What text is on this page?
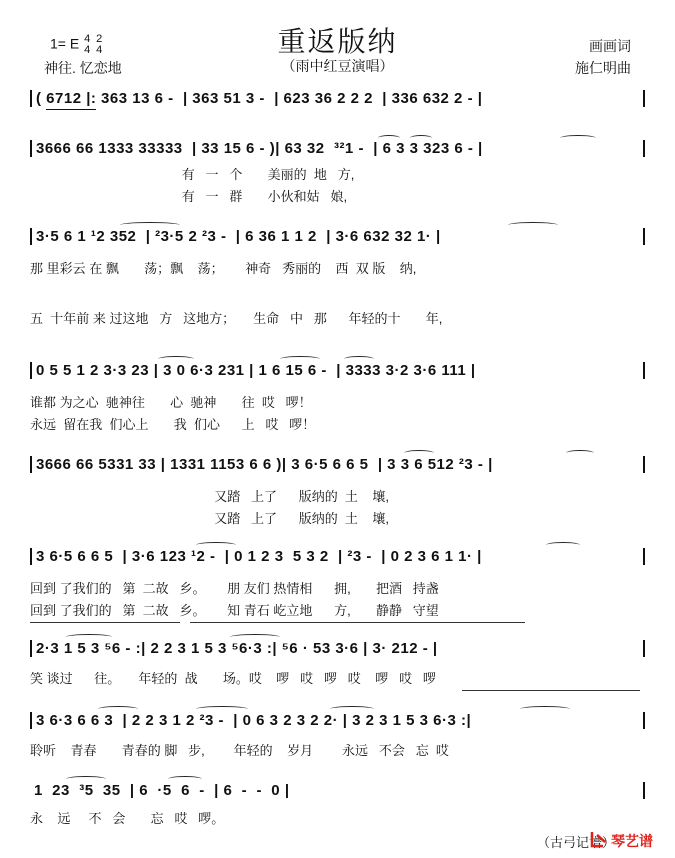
重返版纳
1= E 4
4

2
4
神往. 忆恋地	（雨中红豆演唱）
画画词
施仁明曲
( 6712 |: 363 13 6 -  | 363 51 3 -  | 623 36 2 2 2  | 336 632 2 - |
3666 66 1333 33333  | 33 15 6 - )| 63 32  ³²1 -  | 6 3 3 323 6 - |
有   一   个       美丽的  地   方,
有   一   群       小伙和姑   娘,
3·5 6 1 ¹2 352  | ²3·5 2 ²3 -  | 6 36 1 1 2  | 3·6 632 32 1· |
那 里彩云 在 飘       荡；飘    荡；      神奇   秀丽的    西  双 版    纳,
五  十年前 来 过这地   方   这地方；     生命   中   那      年轻的十       年,
0 5 5 1 2 3·3 23 | 3 0 6·3 231 | 1 6 15 6 -  | 3333 3·2 3·6 111 |
谁都 为之心  驰神往       心  驰神       往  哎   啰！
永远  留在我  们心上       我  们心      上   哎   啰！
3666 66 5331 33 | 1331 1153 6 6 )| 3 6·5 6 6 5  | 3 3 6 512 ²3 - |
又踏   上了      版纳的  土    壤,
又踏   上了      版纳的  土    壤,
3 6·5 6 6 5  | 3·6 123 ¹2 -  | 0 1 2 3  5 3 2  | ²3 -  | 0 2 3 6 1 1· |
回到 了我们的   第  二故   乡。      朋 友们 热情相      拥,       把酒   持盏
回到 了我们的   第  二故   乡。      知 青石 屹立地      方,       静静   守望
2·3 1 5 3 ⁵6 - :| 2 2 3 1 5 3 ⁵6·3 :| ⁵6 · 53 3·6 | 3· 212 - |
笑 谈过      往。     年轻的  战       场。哎    啰   哎   啰   哎    啰   哎   啰
3 6·3 6 6 3  | 2 2 3 1 2 ²3 -  | 0 6 3 2 3 2 2· | 3 2 3 1 5 3 6·3 :|
聆听    青春       青春的 脚   步,        年轻的    岁月        永远   不会   忘  哎
1  23  ³5  35  | 6  ·5  6  -  | 6  -  -  0 |
永    远     不   会       忘   哎   啰。
（古弓记谱）
琴艺谱
